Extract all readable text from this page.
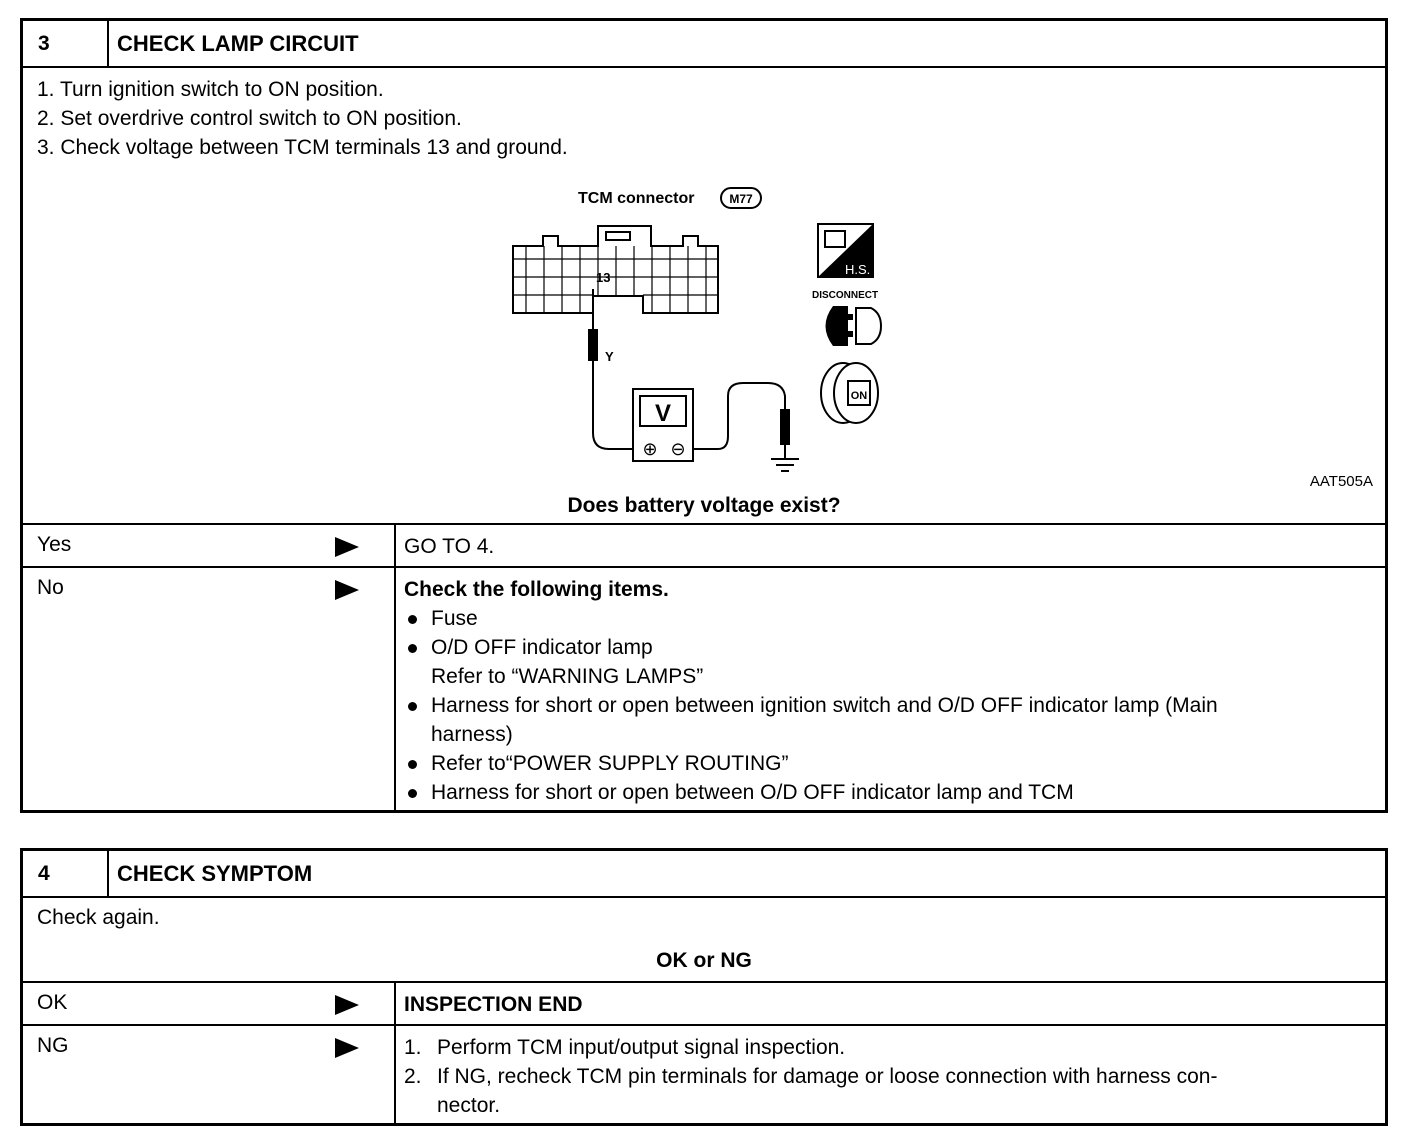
3	CHECK LAMP CIRCUIT
1. Turn ignition switch to ON position.
2. Set overdrive control switch to ON position.
3. Check voltage between TCM terminals 13 and ground.
TCM connector	M77
13
Y
V
⊕ ⊖
H.S.
DISCONNECT
ON
AAT505A
Does battery voltage exist?
Yes	GO TO 4.
No	Check the following items.
Fuse
O/D OFF indicator lamp
Refer to “WARNING LAMPS”
Harness for short or open between ignition switch and O/D OFF indicator lamp (Main
harness)
Refer to“POWER SUPPLY ROUTING”
Harness for short or open between O/D OFF indicator lamp and TCM
4	CHECK SYMPTOM
Check again.
OK or NG
OK	INSPECTION END
NG	1. Perform TCM input/output signal inspection.
2. If NG, recheck TCM pin terminals for damage or loose connection with harness con-
nector.
